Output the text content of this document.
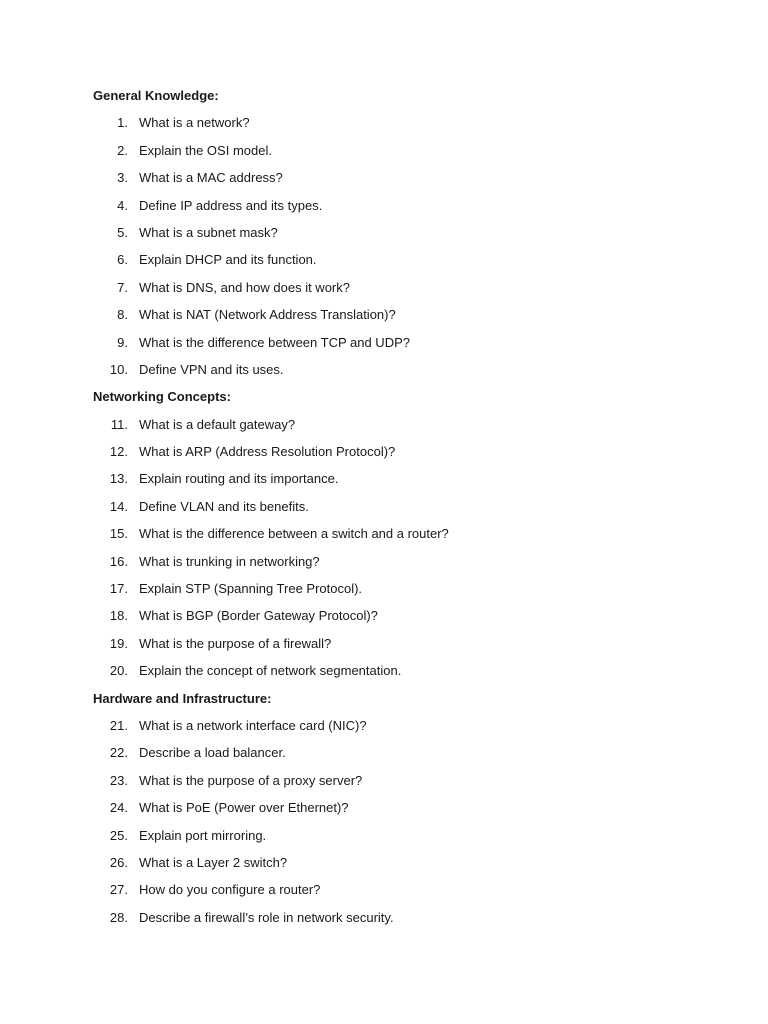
General Knowledge:
1. What is a network?
2. Explain the OSI model.
3. What is a MAC address?
4. Define IP address and its types.
5. What is a subnet mask?
6. Explain DHCP and its function.
7. What is DNS, and how does it work?
8. What is NAT (Network Address Translation)?
9. What is the difference between TCP and UDP?
10. Define VPN and its uses.
Networking Concepts:
11. What is a default gateway?
12. What is ARP (Address Resolution Protocol)?
13. Explain routing and its importance.
14. Define VLAN and its benefits.
15. What is the difference between a switch and a router?
16. What is trunking in networking?
17. Explain STP (Spanning Tree Protocol).
18. What is BGP (Border Gateway Protocol)?
19. What is the purpose of a firewall?
20. Explain the concept of network segmentation.
Hardware and Infrastructure:
21. What is a network interface card (NIC)?
22. Describe a load balancer.
23. What is the purpose of a proxy server?
24. What is PoE (Power over Ethernet)?
25. Explain port mirroring.
26. What is a Layer 2 switch?
27. How do you configure a router?
28. Describe a firewall’s role in network security.
